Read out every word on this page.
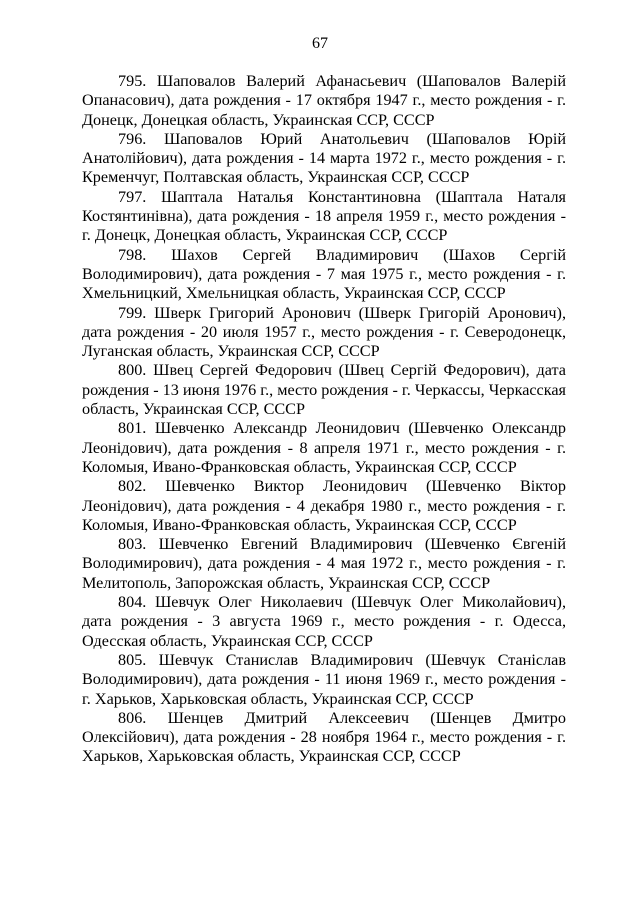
67

795. Шаповалов Валерий Афанасьевич (Шаповалов Валерій Опанасович), дата рождения - 17 октября 1947 г., место рождения - г. Донецк, Донецкая область, Украинская ССР, СССР

796. Шаповалов Юрий Анатольевич (Шаповалов Юрій Анатолійович), дата рождения - 14 марта 1972 г., место рождения - г. Кременчуг, Полтавская область, Украинская ССР, СССР

797. Шаптала Наталья Константиновна (Шаптала Наталя Костянтинівна), дата рождения - 18 апреля 1959 г., место рождения - г. Донецк, Донецкая область, Украинская ССР, СССР

798. Шахов Сергей Владимирович (Шахов Сергій Володимирович), дата рождения - 7 мая 1975 г., место рождения - г. Хмельницкий, Хмельницкая область, Украинская ССР, СССР

799. Шверк Григорий Аронович (Шверк Григорій Аронович), дата рождения - 20 июля 1957 г., место рождения - г. Северодонецк, Луганская область, Украинская ССР, СССР

800. Швец Сергей Федорович (Швец Сергій Федорович), дата рождения - 13 июня 1976 г., место рождения - г. Черкассы, Черкасская область, Украинская ССР, СССР

801. Шевченко Александр Леонидович (Шевченко Олександр Леонідович), дата рождения - 8 апреля 1971 г., место рождения - г. Коломыя, Ивано-Франковская область, Украинская ССР, СССР

802. Шевченко Виктор Леонидович (Шевченко Віктор Леонідович), дата рождения - 4 декабря 1980 г., место рождения - г. Коломыя, Ивано-Франковская область, Украинская ССР, СССР

803. Шевченко Евгений Владимирович (Шевченко Євгеній Володимирович), дата рождения - 4 мая 1972 г., место рождения - г. Мелитополь, Запорожская область, Украинская ССР, СССР

804. Шевчук Олег Николаевич (Шевчук Олег Миколайович), дата рождения - 3 августа 1969 г., место рождения - г. Одесса, Одесская область, Украинская ССР, СССР

805. Шевчук Станислав Владимирович (Шевчук Станіслав Володимирович), дата рождения - 11 июня 1969 г., место рождения - г. Харьков, Харьковская область, Украинская ССР, СССР

806. Шенцев Дмитрий Алексеевич (Шенцев Дмитро Олексійович), дата рождения - 28 ноября 1964 г., место рождения - г. Харьков, Харьковская область, Украинская ССР, СССР
